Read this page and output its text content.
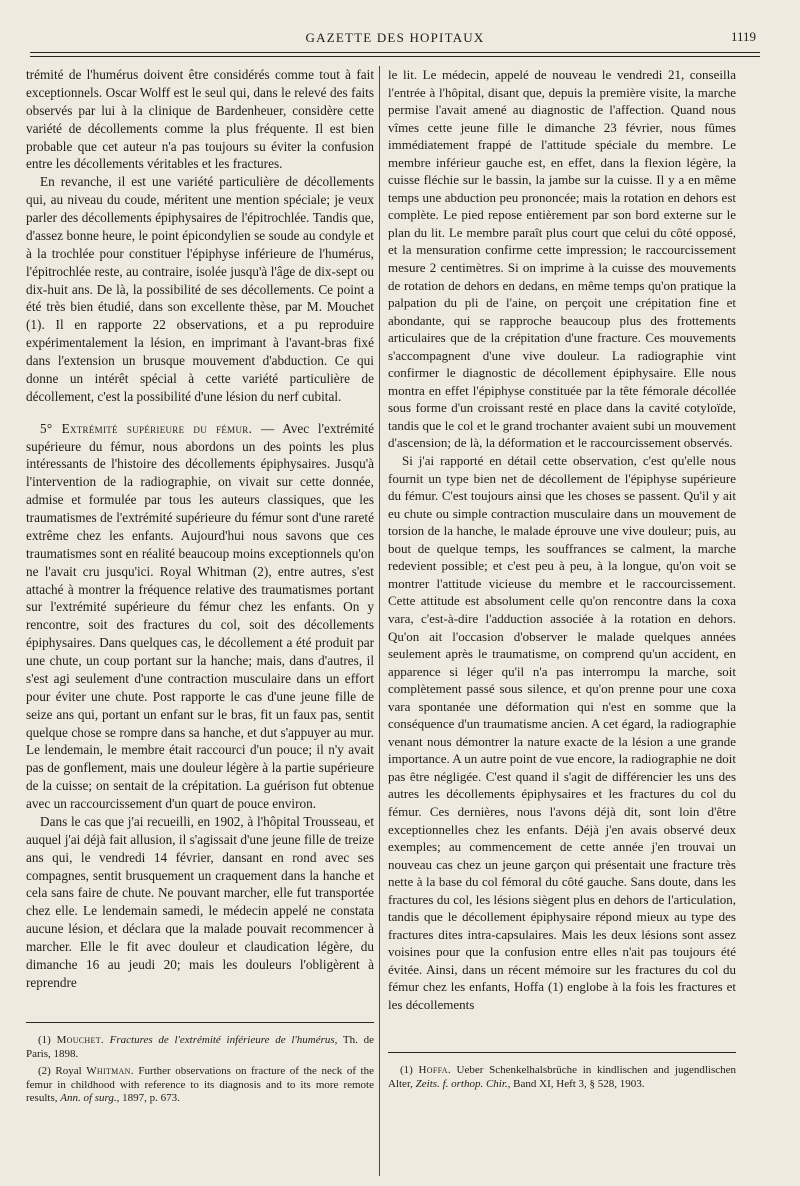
GAZETTE DES HOPITAUX	1119

trémité de l'humérus doivent être considérés comme tout à fait exceptionnels. Oscar Wolff est le seul qui, dans le relevé des faits observés par lui à la clinique de Bardenheuer, considère cette variété de décollements comme la plus fréquente. Il est bien probable que cet auteur n'a pas toujours su éviter la confusion entre les décollements véritables et les fractures.

En revanche, il est une variété particulière de décollements qui, au niveau du coude, méritent une mention spéciale; je veux parler des décollements épiphysaires de l'épitrochlée. Tandis que, d'assez bonne heure, le point épicondylien se soude au condyle et à la trochlée pour constituer l'épiphyse inférieure de l'humérus, l'épitrochlée reste, au contraire, isolée jusqu'à l'âge de dix-sept ou dix-huit ans. De là, la possibilité de ses décollements. Ce point a été très bien étudié, dans son excellente thèse, par M. Mouchet (1). Il en rapporte 22 observations, et a pu reproduire expérimentalement la lésion, en imprimant à l'avant-bras fixé dans l'extension un brusque mouvement d'abduction. Ce qui donne un intérêt spécial à cette variété particulière de décollement, c'est la possibilité d'une lésion du nerf cubital.

5° Extrémité supérieure du fémur. — Avec l'extrémité supérieure du fémur, nous abordons un des points les plus intéressants de l'histoire des décollements épiphysaires. Jusqu'à l'intervention de la radiographie, on vivait sur cette donnée, admise et formulée par tous les auteurs classiques, que les traumatismes de l'extrémité supérieure du fémur sont d'une rareté extrême chez les enfants. Aujourd'hui nous savons que ces traumatismes sont en réalité beaucoup moins exceptionnels qu'on ne l'avait cru jusqu'ici. Royal Whitman (2), entre autres, s'est attaché à montrer la fréquence relative des traumatismes portant sur l'extrémité supérieure du fémur chez les enfants. On y rencontre, soit des fractures du col, soit des décollements épiphysaires. Dans quelques cas, le décollement a été produit par une chute, un coup portant sur la hanche; mais, dans d'autres, il s'est agi seulement d'une contraction musculaire dans un effort pour éviter une chute. Post rapporte le cas d'une jeune fille de seize ans qui, portant un enfant sur le bras, fit un faux pas, sentit quelque chose se rompre dans sa hanche, et dut s'appuyer au mur. Le lendemain, le membre était raccourci d'un pouce; il n'y avait pas de gonflement, mais une douleur légère à la partie supérieure de la cuisse; on sentait de la crépitation. La guérison fut obtenue avec un raccourcissement d'un quart de pouce environ.

Dans le cas que j'ai recueilli, en 1902, à l'hôpital Trousseau, et auquel j'ai déjà fait allusion, il s'agissait d'une jeune fille de treize ans qui, le vendredi 14 février, dansant en rond avec ses compagnes, sentit brusquement un craquement dans la hanche et cela sans faire de chute. Ne pouvant marcher, elle fut transportée chez elle. Le lendemain samedi, le médecin appelé ne constata aucune lésion, et déclara que la malade pouvait recommencer à marcher. Elle le fit avec douleur et claudication légère, du dimanche 16 au jeudi 20; mais les douleurs l'obligèrent à reprendre

le lit. Le médecin, appelé de nouveau le vendredi 21, conseilla l'entrée à l'hôpital, disant que, depuis la première visite, la marche permise l'avait amené au diagnostic de l'affection. Quand nous vîmes cette jeune fille le dimanche 23 février, nous fûmes immédiatement frappé de l'attitude spéciale du membre. Le membre inférieur gauche est, en effet, dans la flexion légère, la cuisse fléchie sur le bassin, la jambe sur la cuisse. Il y a en même temps une abduction peu prononcée; mais la rotation en dehors est complète. Le pied repose entièrement par son bord externe sur le plan du lit. Le membre paraît plus court que celui du côté opposé, et la mensuration confirme cette impression; le raccourcissement mesure 2 centimètres. Si on imprime à la cuisse des mouvements de rotation de dehors en dedans, en même temps qu'on pratique la palpation du pli de l'aine, on perçoit une crépitation fine et abondante, qui se rapproche beaucoup plus des frottements articulaires que de la crépitation d'une fracture. Ces mouvements s'accompagnent d'une vive douleur. La radiographie vint confirmer le diagnostic de décollement épiphysaire. Elle nous montra en effet l'épiphyse constituée par la tête fémorale décollée sous forme d'un croissant resté en place dans la cavité cotyloïde, tandis que le col et le grand trochanter avaient subi un mouvement d'ascension; de là, la déformation et le raccourcissement observés.

Si j'ai rapporté en détail cette observation, c'est qu'elle nous fournit un type bien net de décollement de l'épiphyse supérieure du fémur. C'est toujours ainsi que les choses se passent. Qu'il y ait eu chute ou simple contraction musculaire dans un mouvement de torsion de la hanche, le malade éprouve une vive douleur; puis, au bout de quelque temps, les souffrances se calment, la marche redevient possible; et c'est peu à peu, à la longue, qu'on voit se montrer l'attitude vicieuse du membre et le raccourcissement. Cette attitude est absolument celle qu'on rencontre dans la coxa vara, c'est-à-dire l'adduction associée à la rotation en dehors. Qu'on ait l'occasion d'observer le malade quelques années seulement après le traumatisme, on comprend qu'un accident, en apparence si léger qu'il n'a pas interrompu la marche, soit complètement passé sous silence, et qu'on prenne pour une coxa vara spontanée une déformation qui n'est en somme que la conséquence d'un traumatisme ancien. A cet égard, la radiographie venant nous démontrer la nature exacte de la lésion a une grande importance. A un autre point de vue encore, la radiographie ne doit pas être négligée. C'est quand il s'agit de différencier les uns des autres les décollements épiphysaires et les fractures du col du fémur. Ces dernières, nous l'avons déjà dit, sont loin d'être exceptionnelles chez les enfants. Déjà j'en avais observé deux exemples; au commencement de cette année j'en trouvai un nouveau cas chez un jeune garçon qui présentait une fracture très nette à la base du col fémoral du côté gauche. Sans doute, dans les fractures du col, les lésions siègent plus en dehors de l'articulation, tandis que le décollement épiphysaire répond mieux au type des fractures dites intra-capsulaires. Mais les deux lésions sont assez voisines pour que la confusion entre elles n'ait pas toujours été évitée. Ainsi, dans un récent mémoire sur les fractures du col du fémur chez les enfants, Hoffa (1) englobe à la fois les fractures et les décollements

(1) Mouchet. Fractures de l'extrémité inférieure de l'humérus, Th. de Paris, 1898.

(2) Royal Whitman. Further observations on fracture of the neck of the femur in childhood with reference to its diagnosis and to its more remote results, Ann. of surg., 1897, p. 673.

(1) Hoffa. Ueber Schenkelhalsbrüche in kindlischen and jugendlischen Alter, Zeits. f. orthop. Chir., Band XI, Heft 3, § 528, 1903.
